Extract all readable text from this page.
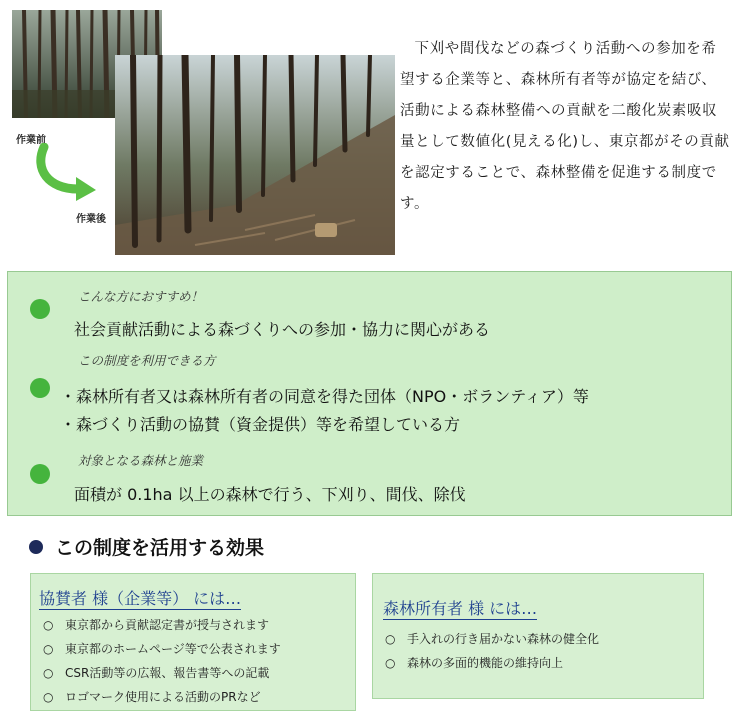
作業前
作業後
下刈や間伐などの森づくり活動への参加を希望する企業等と、森林所有者等が協定を結び、活動による森林整備への貢献を二酸化炭素吸収量として数値化(見える化)し、東京都がその貢献を認定することで、森林整備を促進する制度です。
こんな方におすすめ！
社会貢献活動による森づくりへの参加・協力に関心がある
この制度を利用できる方
・森林所有者又は森林所有者の同意を得た団体（NPO・ボランティア）等
・森づくり活動の協賛（資金提供）等を希望している方
対象となる森林と施業
面積が 0.1ha 以上の森林で行う、下刈り、間伐、除伐
この制度を活用する効果
協賛者 様（企業等） には…
○ 東京都から貢献認定書が授与されます
○ 東京都のホームページ等で公表されます
○ CSR活動等の広報、報告書等への記載
○ ロゴマーク使用による活動のPRなど
森林所有者 様 には…
○ 手入れの行き届かない森林の健全化
○ 森林の多面的機能の維持向上
